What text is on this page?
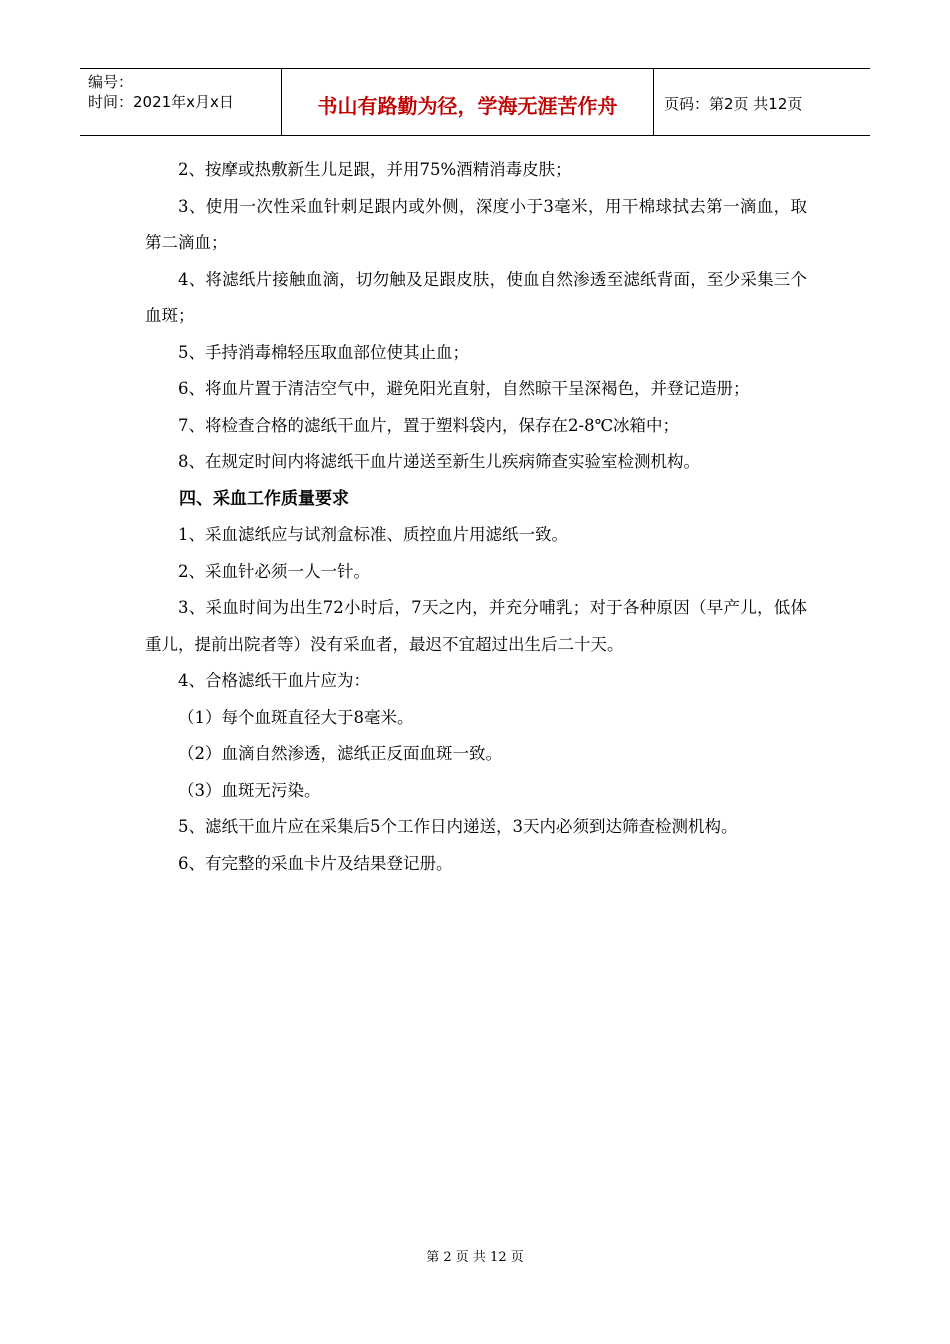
编号：
时间：2021年x月x日	书山有路勤为径，学海无涯苦作舟	页码：第2页 共12页

2、按摩或热敷新生儿足跟，并用75%酒精消毒皮肤；

3、使用一次性采血针刺足跟内或外侧，深度小于3毫米，用干棉球拭去第一滴血，取第二滴血；

4、将滤纸片接触血滴，切勿触及足跟皮肤，使血自然渗透至滤纸背面，至少采集三个血斑；

5、手持消毒棉轻压取血部位使其止血；

6、将血片置于清洁空气中，避免阳光直射，自然晾干呈深褐色，并登记造册；

7、将检查合格的滤纸干血片，置于塑料袋内，保存在2-8℃冰箱中；

8、在规定时间内将滤纸干血片递送至新生儿疾病筛查实验室检测机构。

四、采血工作质量要求

1、采血滤纸应与试剂盒标准、质控血片用滤纸一致。

2、采血针必须一人一针。

3、采血时间为出生72小时后，7天之内，并充分哺乳；对于各种原因（早产儿，低体重儿，提前出院者等）没有采血者，最迟不宜超过出生后二十天。

4、合格滤纸干血片应为：

（1）每个血斑直径大于8毫米。

（2）血滴自然渗透，滤纸正反面血斑一致。

（3）血斑无污染。

5、滤纸干血片应在采集后5个工作日内递送，3天内必须到达筛查检测机构。

6、有完整的采血卡片及结果登记册。

第 2 页 共 12 页
